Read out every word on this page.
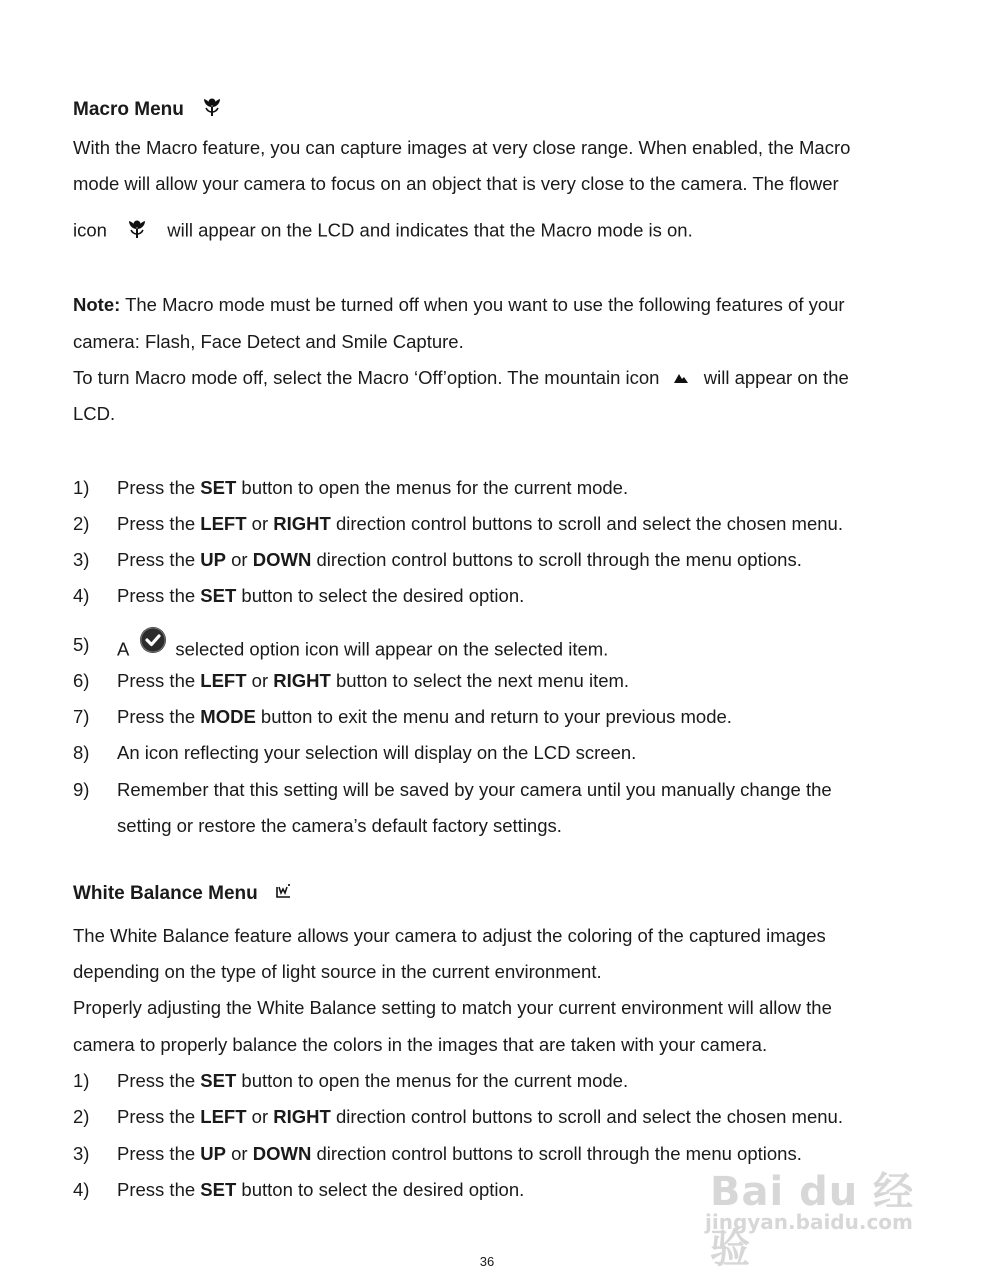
Macro Menu
With the Macro feature, you can capture images at very close range. When enabled, the Macro
mode will allow your camera to focus on an object that is very close to the camera. The flower
icon	will appear on the LCD and indicates that the Macro mode is on.
Note: The Macro mode must be turned off when you want to use the following features of your
camera: Flash, Face Detect and Smile Capture.
To turn Macro mode off, select the Macro ‘Off’option. The mountain icon will appear on the
LCD.
1) Press the SET button to open the menus for the current mode.
2) Press the LEFT or RIGHT direction control buttons to scroll and select the chosen menu.
3) Press the UP or DOWN direction control buttons to scroll through the menu options.
4) Press the SET button to select the desired option.
5) A selected option icon will appear on the selected item.
6) Press the LEFT or RIGHT button to select the next menu item.
7) Press the MODE button to exit the menu and return to your previous mode.
8) An icon reflecting your selection will display on the LCD screen.
9) Remember that this setting will be saved by your camera until you manually change the
setting or restore the camera’s default factory settings.
White Balance Menu
The White Balance feature allows your camera to adjust the coloring of the captured images
depending on the type of light source in the current environment.
Properly adjusting the White Balance setting to match your current environment will allow the
camera to properly balance the colors in the images that are taken with your camera.
1) Press the SET button to open the menus for the current mode.
2) Press the LEFT or RIGHT direction control buttons to scroll and select the chosen menu.
3) Press the UP or DOWN direction control buttons to scroll through the menu options.
4) Press the SET button to select the desired option.	Bai du 经验
jingyan.baidu.com
36
